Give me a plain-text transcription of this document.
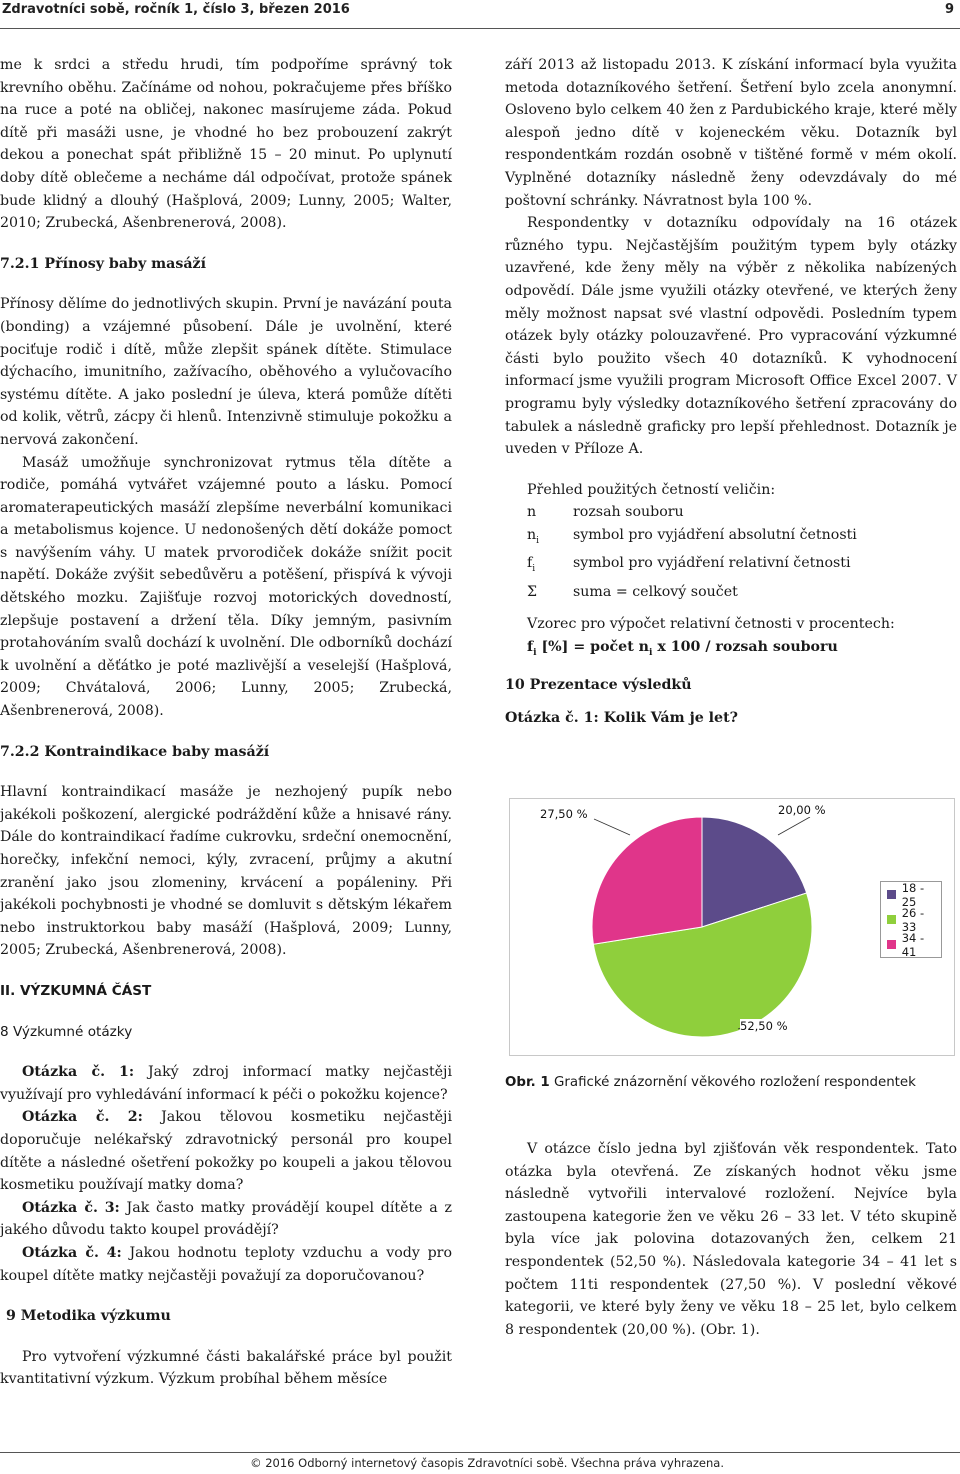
Zdravotníci sobě, ročník 1, číslo 3, březen 2016	9

me k srdci a středu hrudi, tím podpoříme správný tok krevního oběhu. Začínáme od nohou, pokračujeme přes bříško na ruce a poté na obličej, nakonec masírujeme záda. Pokud dítě při masáži usne, je vhodné ho bez probouzení zakrýt dekou a ponechat spát přibližně 15 – 20 minut. Po uplynutí doby dítě oblečeme a necháme dál odpočívat, protože spánek bude klidný a dlouhý (Hašplová, 2009; Lunny, 2005; Walter, 2010; Zrubecká, Ašenbrenerová, 2008).

7.2.1 Přínosy baby masáží

Přínosy dělíme do jednotlivých skupin. První je navázání pouta (bonding) a vzájemné působení. Dále je uvolnění, které pociťuje rodič i dítě, může zlepšit spánek dítěte. Stimulace dýchacího, imunitního, zažívacího, oběhového a vylučovacího systému dítěte. A jako poslední je úleva, která pomůže dítěti od kolik, větrů, zácpy či hlenů. Intenzivně stimuluje pokožku a nervová zakončení.

Masáž umožňuje synchronizovat rytmus těla dítěte a rodiče, pomáhá vytvářet vzájemné pouto a lásku. Pomocí aromaterapeutických masáží zlepšíme neverbální komunikaci a metabolismus kojence. U nedonošených dětí dokáže pomoct s navýšením váhy. U matek prvorodiček dokáže snížit pocit napětí. Dokáže zvýšit sebedůvěru a potěšení, přispívá k vývoji dětského mozku. Zajišťuje rozvoj motorických dovedností, zlepšuje postavení a držení těla. Díky jemným, pasivním protahováním svalů dochází k uvolnění. Dle odborníků dochází k uvolnění a děťátko je poté mazlivější a veselejší (Hašplová, 2009; Chvátalová, 2006; Lunny, 2005; Zrubecká, Ašenbrenerová, 2008).

7.2.2 Kontraindikace baby masáží

Hlavní kontraindikací masáže je nezhojený pupík nebo jakékoli poškození, alergické podráždění kůže a hnisavé rány. Dále do kontraindikací řadíme cukrovku, srdeční onemocnění, horečky, infekční nemoci, kýly, zvracení, průjmy a akutní zranění jako jsou zlomeniny, krvácení a popáleniny. Při jakékoli pochybnosti je vhodné se domluvit s dětským lékařem nebo instruktorkou baby masáží (Hašplová, 2009; Lunny, 2005; Zrubecká, Ašenbrenerová, 2008).

II. VÝZKUMNÁ ČÁST

8 Výzkumné otázky

Otázka č. 1: Jaký zdroj informací matky nejčastěji využívají pro vyhledávání informací k péči o pokožku kojence?

Otázka č. 2: Jakou tělovou kosmetiku nejčastěji doporučuje nelékařský zdravotnický personál pro koupel dítěte a následné ošetření pokožky po koupeli a jakou tělovou kosmetiku používají matky doma?

Otázka č. 3: Jak často matky provádějí koupel dítěte a z jakého důvodu takto koupel provádějí?

Otázka č. 4: Jakou hodnotu teploty vzduchu a vody pro koupel dítěte matky nejčastěji považují za doporučovanou?

9 Metodika výzkumu

Pro vytvoření výzkumné části bakalářské práce byl použit kvantitativní výzkum. Výzkum probíhal během měsíce

září 2013 až listopadu 2013. K získání informací byla využita metoda dotazníkového šetření. Šetření bylo zcela anonymní. Osloveno bylo celkem 40 žen z Pardubického kraje, které měly alespoň jedno dítě v kojeneckém věku. Dotazník byl respondentkám rozdán osobně v tištěné formě v mém okolí. Vyplněné dotazníky následně ženy odevzdávaly do mé poštovní schránky. Návratnost byla 100 %.

Respondentky v dotazníku odpovídaly na 16 otázek různého typu. Nejčastějším použitým typem byly otázky uzavřené, kde ženy měly na výběr z několika nabízených odpovědí. Dále jsme využili otázky otevřené, ve kterých ženy měly možnost napsat své vlastní odpovědi. Posledním typem otázek byly otázky polouzavřené. Pro vypracování výzkumné části bylo použito všech 40 dotazníků. K vyhodnocení informací jsme využili program Microsoft Office Excel 2007. V programu byly výsledky dotazníkového šetření zpracovány do tabulek a následně graficky pro lepší přehlednost. Dotazník je uveden v Příloze A.

Přehled použitých četností veličin:

n	rozsah souboru
$n_i$	symbol pro vyjádření absolutní četnosti
$f_i$	symbol pro vyjádření relativní četnosti
Σ	suma = celkový součet

Vzorec pro výpočet relativní četnosti v procentech:

$f_i$ [%] = počet $n_i$ x 100 / rozsah souboru

10 Prezentace výsledků

Otázka č. 1: Kolik Vám je let?

27,50 %	20,00 %
52,50 %
18 - 25
26 - 33
34 - 41
Obr. 1 Grafické znázornění věkového rozložení respondentek

V otázce číslo jedna byl zjišťován věk respondentek. Tato otázka byla otevřená. Ze získaných hodnot věku jsme následně vytvořili intervalové rozložení. Nejvíce byla zastoupena kategorie žen ve věku 26 – 33 let. V této skupině byla více jak polovina dotazovaných žen, celkem 21 respondentek (52,50 %). Následovala kategorie 34 – 41 let s počtem 11ti respondentek (27,50 %). V poslední věkové kategorii, ve které byly ženy ve věku 18 – 25 let, bylo celkem 8 respondentek (20,00 %). (Obr. 1).

© 2016 Odborný internetový časopis Zdravotníci sobě. Všechna práva vyhrazena.
